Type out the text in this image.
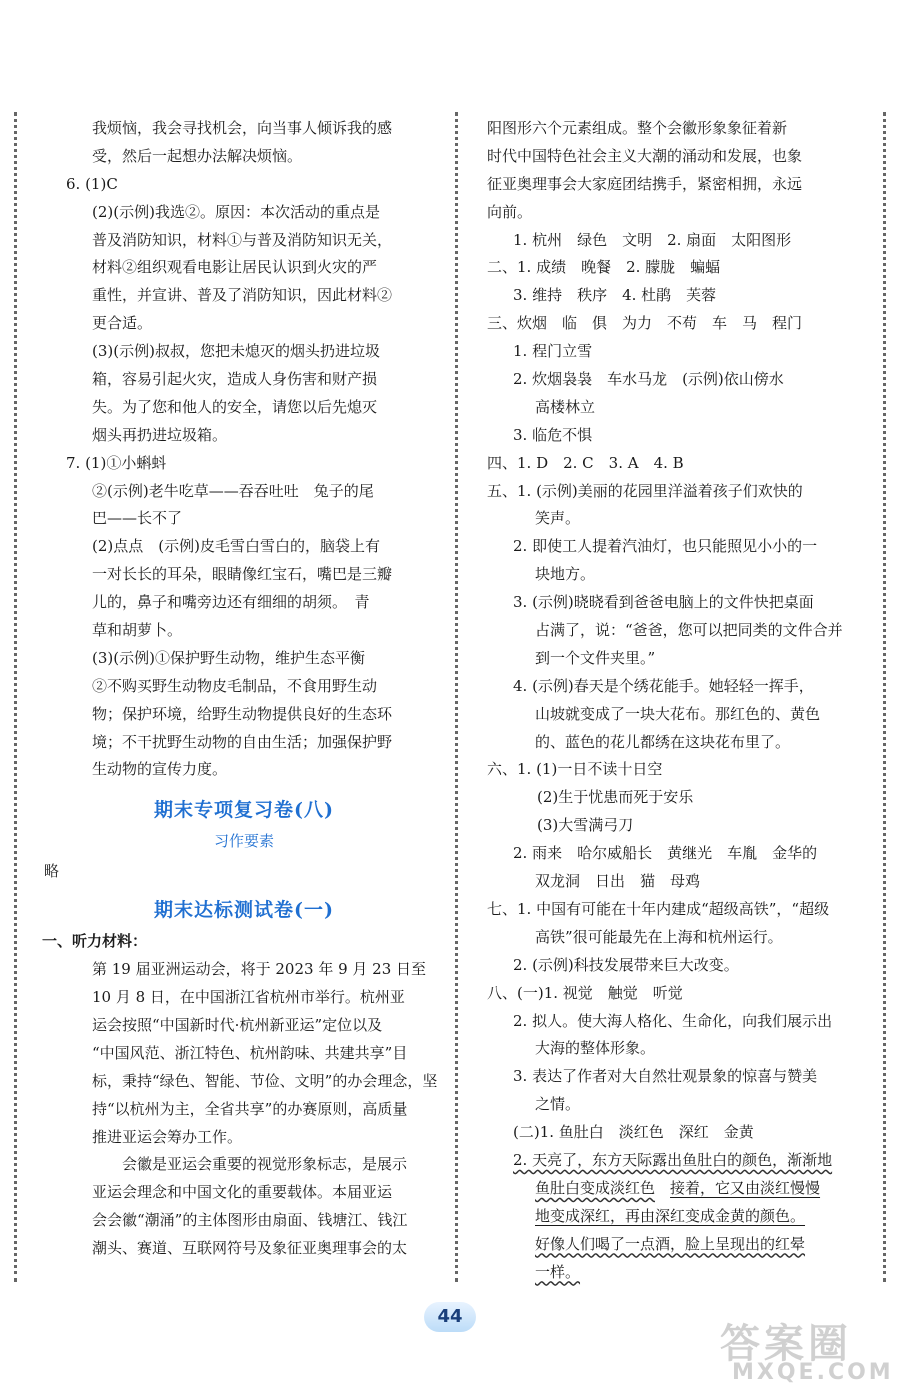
我烦恼，我会寻找机会，向当事人倾诉我的感
受，然后一起想办法解决烦恼。
6. (1)C
(2)(示例)我选②。原因：本次活动的重点是
普及消防知识，材料①与普及消防知识无关，
材料②组织观看电影让居民认识到火灾的严
重性，并宣讲、普及了消防知识，因此材料②
更合适。
(3)(示例)叔叔，您把未熄灭的烟头扔进垃圾
箱，容易引起火灾，造成人身伤害和财产损
失。为了您和他人的安全，请您以后先熄灭
烟头再扔进垃圾箱。
7. (1)①小蝌蚪
②(示例)老牛吃草——吞吞吐吐　兔子的尾
巴——长不了
(2)点点　(示例)皮毛雪白雪白的，脑袋上有
一对长长的耳朵，眼睛像红宝石，嘴巴是三瓣
儿的，鼻子和嘴旁边还有细细的胡须。　青
草和胡萝卜。
(3)(示例)①保护野生动物，维护生态平衡
②不购买野生动物皮毛制品，不食用野生动
物；保护环境，给野生动物提供良好的生态环
境；不干扰野生动物的自由生活；加强保护野
生动物的宣传力度。
期末专项复习卷(八)
习作要素
略
期末达标测试卷(一)
一、听力材料：
第 19 届亚洲运动会，将于 2023 年 9 月 23 日至
10 月 8 日，在中国浙江省杭州市举行。杭州亚
运会按照“中国新时代·杭州新亚运”定位以及
“中国风范、浙江特色、杭州韵味、共建共享”目
标，秉持“绿色、智能、节俭、文明”的办会理念，坚
持“以杭州为主，全省共享”的办赛原则，高质量
推进亚运会筹办工作。
会徽是亚运会重要的视觉形象标志，是展示
亚运会理念和中国文化的重要载体。本届亚运
会会徽“潮涌”的主体图形由扇面、钱塘江、钱江
潮头、赛道、互联网符号及象征亚奥理事会的太
阳图形六个元素组成。整个会徽形象象征着新
时代中国特色社会主义大潮的涌动和发展，也象
征亚奥理事会大家庭团结携手，紧密相拥，永远
向前。
1. 杭州　绿色　文明　2. 扇面　太阳图形
二、1. 成绩　晚餐　2. 朦胧　蝙蝠
3. 维持　秩序　4. 杜鹃　芙蓉
三、炊烟　临　俱　为力　不苟　车　马　程门
1. 程门立雪
2. 炊烟袅袅　车水马龙　(示例)依山傍水
高楼林立
3. 临危不惧
四、1. D　2. C　3. A　4. B
五、1. (示例)美丽的花园里洋溢着孩子们欢快的
笑声。
2. 即使工人提着汽油灯，也只能照见小小的一
块地方。
3. (示例)晓晓看到爸爸电脑上的文件快把桌面
占满了，说：“爸爸，您可以把同类的文件合并
到一个文件夹里。”
4. (示例)春天是个绣花能手。她轻轻一挥手，
山坡就变成了一块大花布。那红色的、黄色
的、蓝色的花儿都绣在这块花布里了。
六、1. (1)一日不读十日空
(2)生于忧患而死于安乐
(3)大雪满弓刀
2. 雨来　哈尔威船长　黄继光　车胤　金华的
双龙洞　日出　猫　母鸡
七、1. 中国有可能在十年内建成“超级高铁”，“超级
高铁”很可能最先在上海和杭州运行。
2. (示例)科技发展带来巨大改变。
八、(一)1. 视觉　触觉　听觉
2. 拟人。使大海人格化、生命化，向我们展示出
大海的整体形象。
3. 表达了作者对大自然壮观景象的惊喜与赞美
之情。
(二)1. 鱼肚白　淡红色　深红　金黄
2. 天亮了，东方天际露出鱼肚白的颜色，渐渐地
鱼肚白变成淡红色　 接着，它又由淡红慢慢
地变成深红，再由深红变成金黄的颜色。
好像人们喝了一点酒，脸上呈现出的红晕
一样。
44
答案圈
MXQE.COM
